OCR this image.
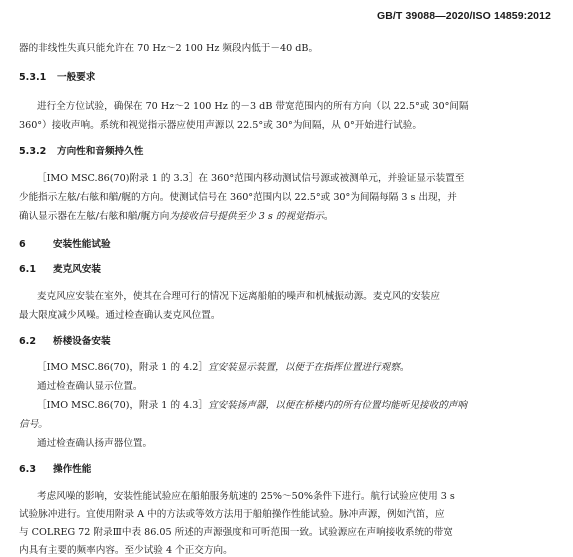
GB/T 39088—2020/ISO 14859:2012
器的非线性失真只能允许在 70 Hz～2 100 Hz 频段内低于－40 dB。
5.3.1 一般要求
进行全方位试验，确保在 70 Hz～2 100 Hz 的－3 dB 带宽范围内的所有方向（以 22.5°或 30°间隔
360°）接收声响。系统和视觉指示器应使用声源以 22.5°或 30°为间隔，从 0°开始进行试验。
5.3.2 方向性和音频持久性
［IMO MSC.86(70)附录 1 的 3.3］在 360°范围内移动测试信号源或被测单元，并验证显示装置至
少能指示左舷/右舷和艏/艉的方向。使测试信号在 360°范围内以 22.5°或 30°为间隔每隔 3 s 出现，并
确认显示器在左舷/右舷和艏/艉方向为接收信号提供至少 3 s 的视觉指示。
6	安装性能试验
6.1 麦克风安装
麦克风应安装在室外，使其在合理可行的情况下远离船舶的噪声和机械振动源。麦克风的安装应
最大限度减少风噪。通过检查确认麦克风位置。
6.2 桥楼设备安装
［IMO MSC.86(70)，附录 1 的 4.2］宜安装显示装置，以便于在指挥位置进行观察。
通过检查确认显示位置。
［IMO MSC.86(70)，附录 1 的 4.3］宜安装扬声器，以便在桥楼内的所有位置均能听见接收的声响
信号。
通过检查确认扬声器位置。
6.3 操作性能
考虑风噪的影响，安装性能试验应在船舶服务航速的 25%～50%条件下进行。航行试验应使用 3 s
试验脉冲进行。宜使用附录 A 中的方法或等效方法用于船舶操作性能试验。脉冲声源，例如汽笛，应
与 COLREG 72 附录Ⅲ中表 86.05 所述的声源强度和可听范围一致。试验源应在声响接收系统的带宽
内具有主要的频率内容。至少试验 4 个正交方向。
